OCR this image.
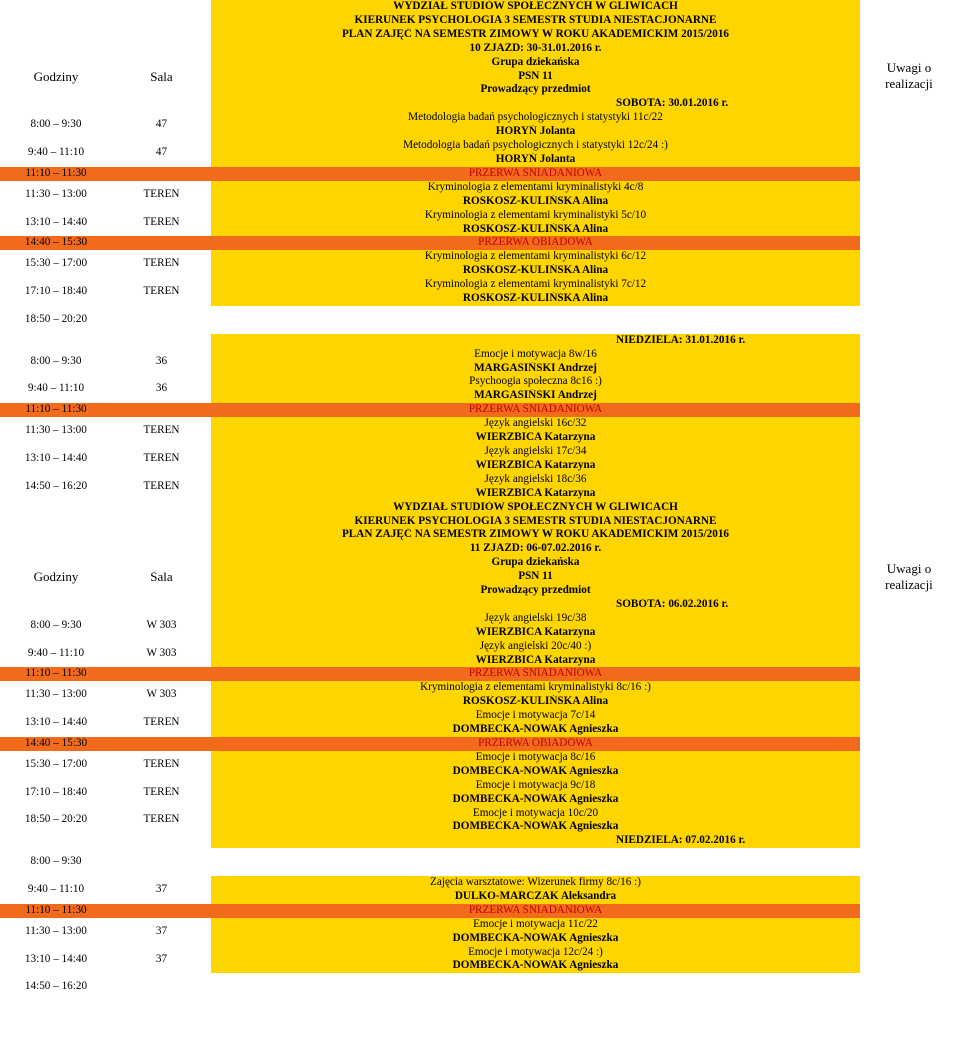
		WYDZIAŁ STUDIÓW SPOŁECZNYCH W GLIWICACH	
		KIERUNEK PSYCHOLOGIA 3 SEMESTR STUDIA NIESTACJONARNE	
		PLAN ZAJĘĆ NA SEMESTR ZIMOWY W ROKU AKADEMICKIM 2015/2016	
		10 ZJAZD: 30-31.01.2016 r.	
Godziny	Sala	Grupa dziekańska	Uwagi o
realizacji
		PSN 11	
		Prowadzący przedmiot	
		SOBOTA: 30.01.2016 r.	
8:00 – 9:30	47	Metodologia badań psychologicznych i statystyki 11c/22	
		HORYŃ Jolanta	
9:40 – 11:10	47	Metodologia badań psychologicznych i statystyki 12c/24 :)	
		HORYŃ Jolanta	
11:10 – 11:30		PRZERWA ŚNIADANIOWA	
11:30 – 13:00	TEREN	Kryminologia z elementami kryminalistyki 4c/8	
		ROSKOSZ-KULIŃSKA Alina	
13:10 – 14:40	TEREN	Kryminologia z elementami kryminalistyki 5c/10	
		ROSKOSZ-KULIŃSKA Alina	
14:40 – 15:30		PRZERWA OBIADOWA	
15:30 – 17:00	TEREN	Kryminologia z elementami kryminalistyki 6c/12	
		ROSKOSZ-KULIŃSKA Alina	
17:10 – 18:40	TEREN	Kryminologia z elementami kryminalistyki 7c/12	
		ROSKOSZ-KULIŃSKA Alina	
18:50 – 20:20			

		NIEDZIELA: 31.01.2016 r.	
8:00 – 9:30	36	Emocje i motywacja 8w/16	
		MARGASIŃSKI Andrzej	
9:40 – 11:10	36	Psychoogia społeczna 8c16 :)	
		MARGASIŃSKI Andrzej	
11:10 – 11:30		PRZERWA ŚNIADANIOWA	
11:30 – 13:00	TEREN	Język angielski 16c/32	
		WIERZBICA Katarzyna	
13:10 – 14:40	TEREN	Język angielski 17c/34	
		WIERZBICA Katarzyna	
14:50 – 16:20	TEREN	Język angielski 18c/36	
		WIERZBICA Katarzyna	
		WYDZIAŁ STUDIÓW SPOŁECZNYCH W GLIWICACH	
		KIERUNEK PSYCHOLOGIA 3 SEMESTR STUDIA NIESTACJONARNE	
		PLAN ZAJĘĆ NA SEMESTR ZIMOWY W ROKU AKADEMICKIM 2015/2016	
		11 ZJAZD: 06-07.02.2016 r.	
Godziny	Sala	Grupa dziekańska	Uwagi o
realizacji
		PSN 11	
		Prowadzący przedmiot	
		SOBOTA: 06.02.2016 r.	
8:00 – 9:30	W 303	Język angielski 19c/38	
		WIERZBICA Katarzyna	
9:40 – 11:10	W 303	Język angielski 20c/40 :)	
		WIERZBICA Katarzyna	
11:10 – 11:30		PRZERWA ŚNIADANIOWA	
11:30 – 13:00	W 303	Kryminologia z elementami kryminalistyki 8c/16 :)	
		ROSKOSZ-KULIŃSKA Alina	
13:10 – 14:40	TEREN	Emocje i motywacja 7c/14	
		DOMBECKA-NOWAK Agnieszka	
14:40 – 15:30		PRZERWA OBIADOWA	
15:30 – 17:00	TEREN	Emocje i motywacja 8c/16	
		DOMBECKA-NOWAK Agnieszka	
17:10 – 18:40	TEREN	Emocje i motywacja 9c/18	
		DOMBECKA-NOWAK Agnieszka	
18:50 – 20:20	TEREN	Emocje i motywacja 10c/20	
		DOMBECKA-NOWAK Agnieszka	
		NIEDZIELA: 07.02.2016 r.	
8:00 – 9:30			

9:40 – 11:10	37	Zajęcia warsztatowe: Wizerunek firmy 8c/16 :)	
		DULKO-MARCZAK Aleksandra	
11:10 – 11:30		PRZERWA ŚNIADANIOWA	
11:30 – 13:00	37	Emocje i motywacja 11c/22	
		DOMBECKA-NOWAK Agnieszka	
13:10 – 14:40	37	Emocje i motywacja 12c/24 :)	
		DOMBECKA-NOWAK Agnieszka	
14:50 – 16:20			
